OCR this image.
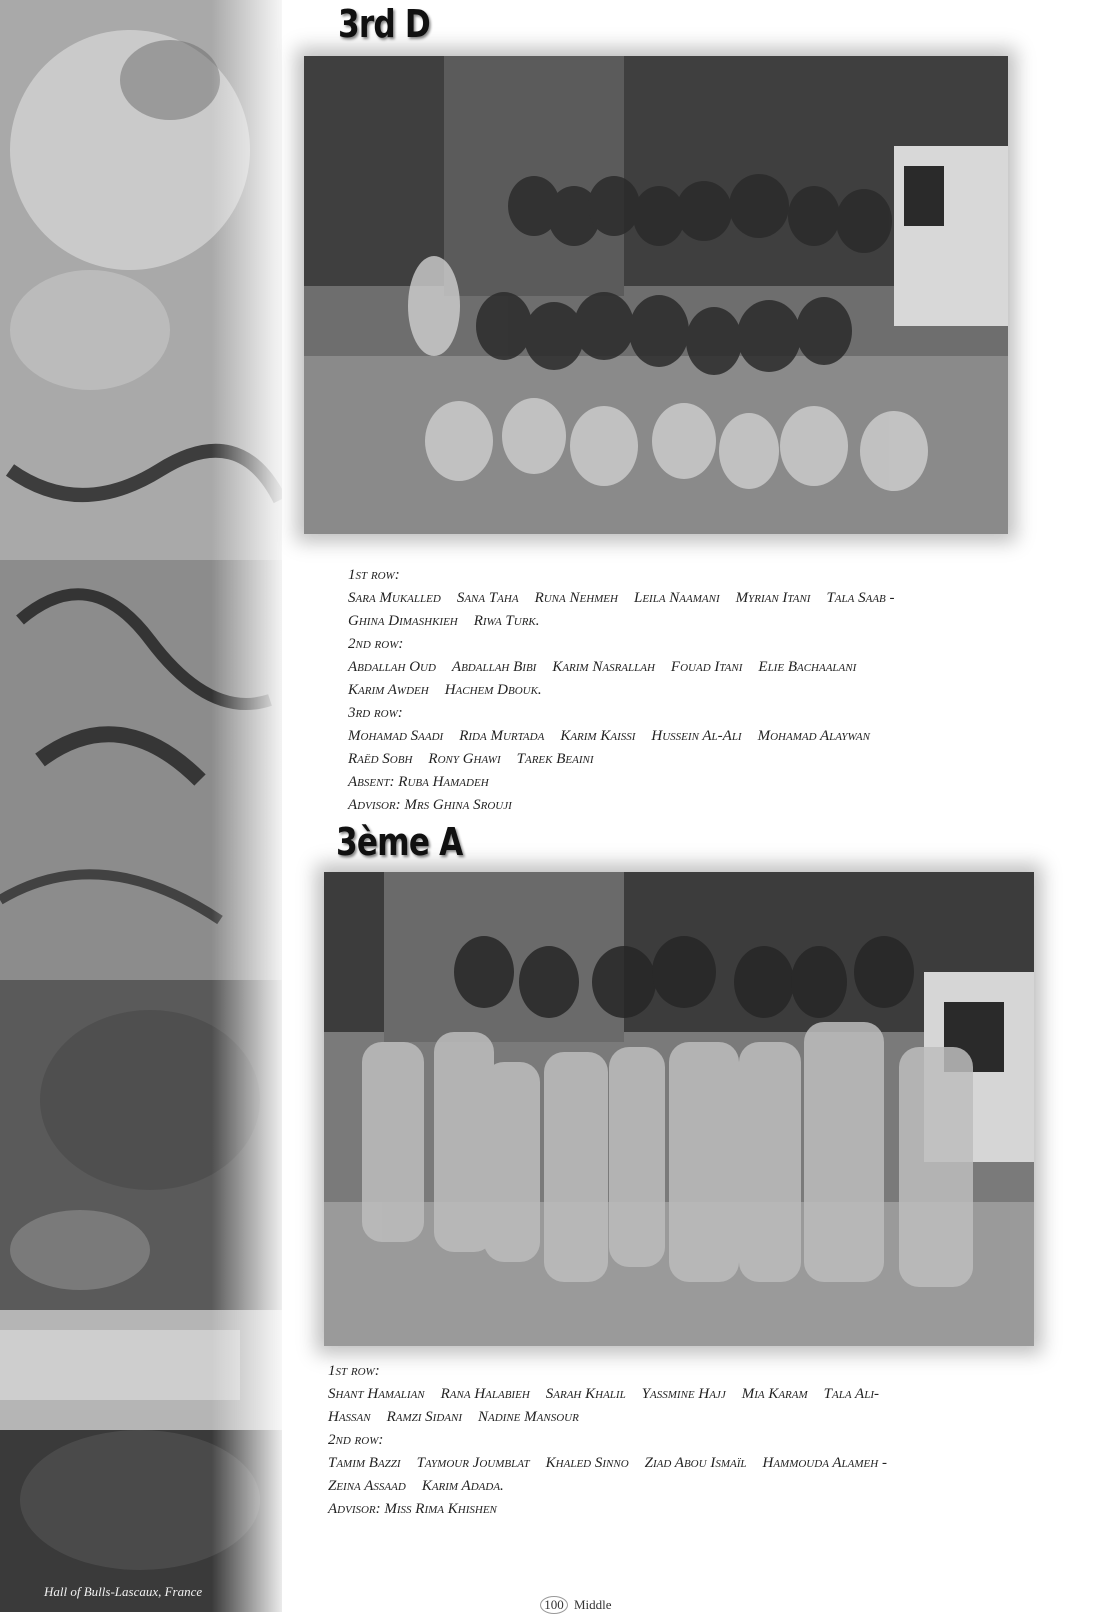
Hall of Bulls-Lascaux, France
3rd D
1st row:
Sara Mukalled Sana Taha Runa Nehmeh Leila Naamani Myrian Itani Tala Saab -
Ghina Dimashkieh Riwa Turk.
2nd row:
Abdallah Oud Abdallah Bibi Karim Nasrallah Fouad Itani Elie Bachaalani
Karim Awdeh Hachem Dbouk.
3rd row:
Mohamad Saadi Rida Murtada Karim Kaissi Hussein Al-Ali Mohamad Alaywan
Raëd Sobh Rony Ghawi Tarek Beaini
Absent: Ruba Hamadeh
Advisor: Mrs Ghina Srouji
3ème A
1st row:
Shant Hamalian Rana Halabieh Sarah Khalil Yassmine Hajj Mia Karam Tala Ali-
Hassan Ramzi Sidani Nadine Mansour
2nd row:
Tamim Bazzi Taymour Joumblat Khaled Sinno Ziad Abou Ismaïl Hammouda Alameh -
Zeina Assaad Karim Adada.
Advisor: Miss Rima Khishen
100 Middle
